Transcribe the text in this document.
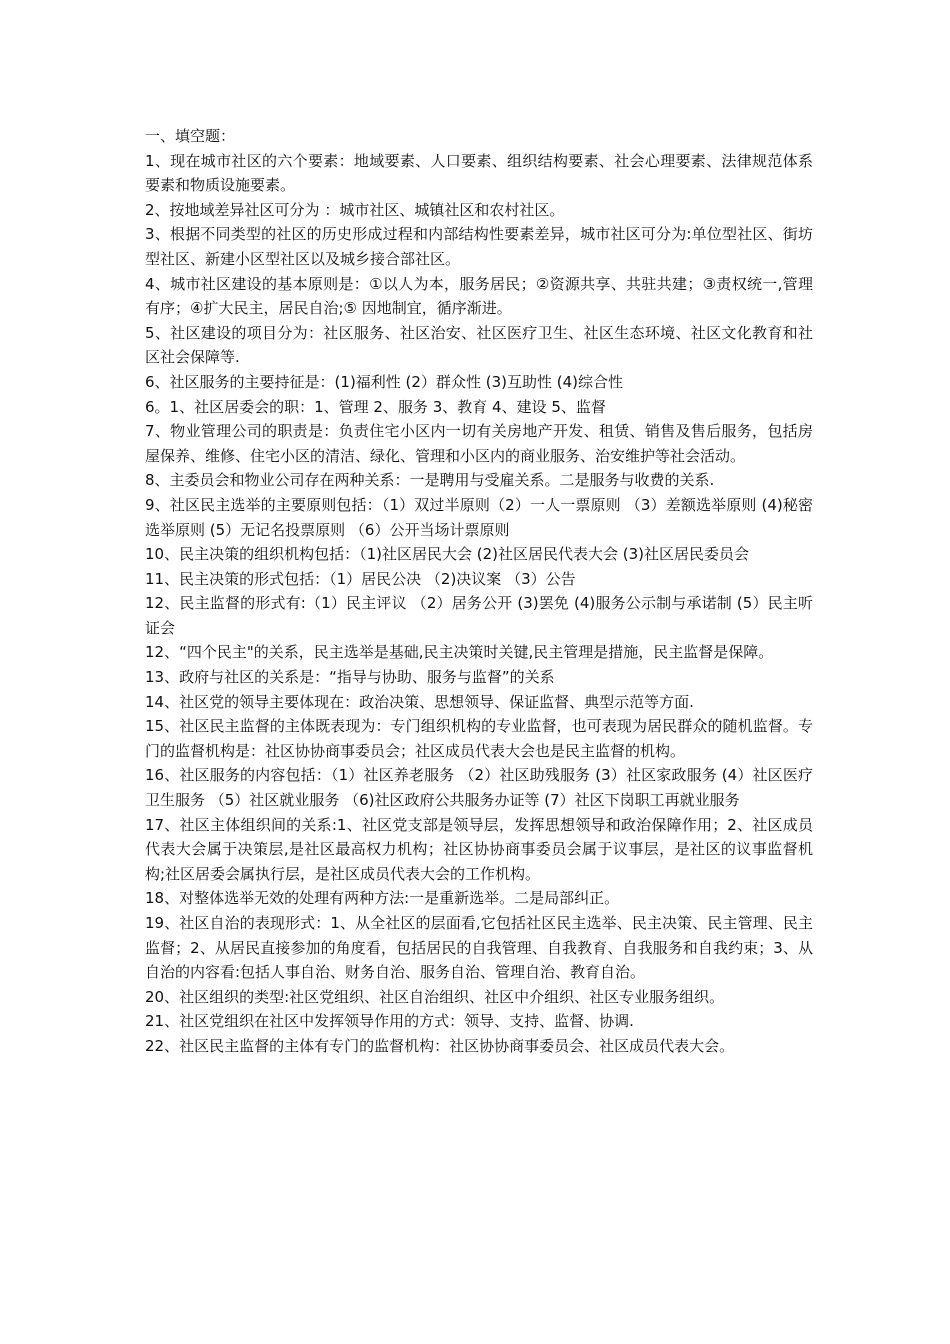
一、填空题：

1、现在城市社区的六个要素：地域要素、人口要素、组织结构要素、社会心理要素、法律规范体系要素和物质设施要素。

2、按地域差异社区可分为 ：城市社区、城镇社区和农村社区。

3、根据不同类型的社区的历史形成过程和内部结构性要素差异，城市社区可分为:单位型社区、街坊型社区、新建小区型社区以及城乡接合部社区。

4、城市社区建设的基本原则是：①以人为本，服务居民；②资源共享、共驻共建；③责权统一,管理有序；④扩大民主，居民自治;⑤ 因地制宜，循序渐进。

5、社区建设的项目分为：社区服务、社区治安、社区医疗卫生、社区生态环境、社区文化教育和社区社会保障等.

6、社区服务的主要持征是：(1)福利性 (2）群众性 (3)互助性 (4)综合性

6。1、社区居委会的职：1、管理 2、服务 3、教育 4、建设 5、监督

7、物业管理公司的职责是：负责住宅小区内一切有关房地产开发、租赁、销售及售后服务，包括房屋保养、维修、住宅小区的清洁、绿化、管理和小区内的商业服务、治安维护等社会活动。

8、主委员会和物业公司存在两种关系：一是聘用与受雇关系。二是服务与收费的关系.

9、社区民主选举的主要原则包括：（1）双过半原则（2）一人一票原则 （3）差额选举原则 (4)秘密选举原则 (5）无记名投票原则 （6）公开当场计票原则

10、民主决策的组织机构包括：（1)社区居民大会 (2)社区居民代表大会 (3)社区居民委员会

11、民主决策的形式包括：（1）居民公决 （2)决议案 （3）公告

12、民主监督的形式有:（1）民主评议 （2）居务公开 (3)罢免 (4)服务公示制与承诺制 (5）民主听证会

12、“四个民主"的关系，民主选举是基础,民主决策时关键,民主管理是措施，民主监督是保障。

13、政府与社区的关系是：“指导与协助、服务与监督”的关系

14、社区党的领导主要体现在：政治决策、思想领导、保证监督、典型示范等方面.

15、社区民主监督的主体既表现为：专门组织机构的专业监督，也可表现为居民群众的随机监督。专门的监督机构是：社区协协商事委员会；社区成员代表大会也是民主监督的机构。

16、社区服务的内容包括：（1）社区养老服务 （2）社区助残服务 (3）社区家政服务 (4）社区医疗卫生服务 （5）社区就业服务 （6)社区政府公共服务办证等 (7）社区下岗职工再就业服务

17、社区主体组织间的关系:1、社区党支部是领导层，发挥思想领导和政治保障作用；2、社区成员代表大会属于决策层,是社区最高权力机构；社区协协商事委员会属于议事层，是社区的议事监督机构;社区居委会属执行层，是社区成员代表大会的工作机构。

18、对整体选举无效的处理有两种方法:一是重新选举。二是局部纠正。

19、社区自治的表现形式：1、从全社区的层面看,它包括社区民主选举、民主决策、民主管理、民主监督；2、从居民直接参加的角度看，包括居民的自我管理、自我教育、自我服务和自我约束；3、从自治的内容看:包括人事自治、财务自治、服务自治、管理自治、教育自治。

20、社区组织的类型:社区党组织、社区自治组织、社区中介组织、社区专业服务组织。

21、社区党组织在社区中发挥领导作用的方式：领导、支持、监督、协调.

22、社区民主监督的主体有专门的监督机构：社区协协商事委员会、社区成员代表大会。
